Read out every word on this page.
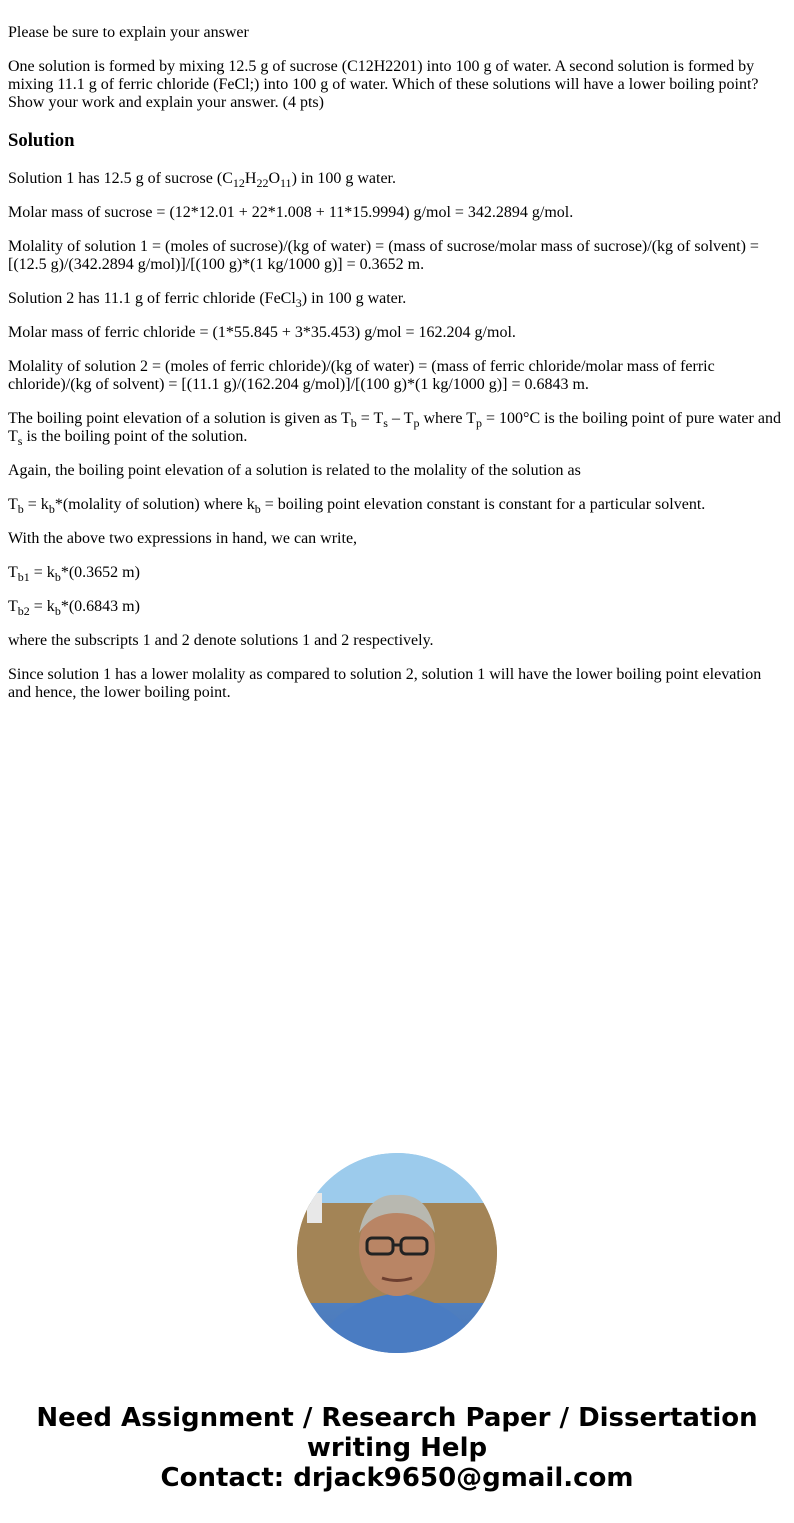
Please be sure to explain your answer

One solution is formed by mixing 12.5 g of sucrose (C12H2201) into 100 g of water. A second solution is formed by mixing 11.1 g of ferric chloride (FeCl;) into 100 g of water. Which of these solutions will have a lower boiling point? Show your work and explain your answer. (4 pts)

Solution

Solution 1 has 12.5 g of sucrose $(C_{12}H_{22}O_{11})$ in 100 g water.

Molar mass of sucrose = (12*12.01 + 22*1.008 + 11*15.9994) g/mol = 342.2894 g/mol.

Molality of solution 1 = (moles of sucrose)/(kg of water) = (mass of sucrose/molar mass of sucrose)/(kg of solvent) = [(12.5 g)/(342.2894 g/mol)]/[(100 g)*(1 kg/1000 g)] = 0.3652 m.

Solution 2 has 11.1 g of ferric chloride (FeCl$_3$) in 100 g water.

Molar mass of ferric chloride = (1*55.845 + 3*35.453) g/mol = 162.204 g/mol.

Molality of solution 2 = (moles of ferric chloride)/(kg of water) = (mass of ferric chloride/molar mass of ferric chloride)/(kg of solvent) = [(11.1 g)/(162.204 g/mol)]/[(100 g)*(1 kg/1000 g)] = 0.6843 m.

The boiling point elevation of a solution is given as $T_b = T_s - T_p$ where $T_p = 100^\circ C$ is the boiling point of pure water and $T_s$ is the boiling point of the solution.

Again, the boiling point elevation of a solution is related to the molality of the solution as

$T_b$ = $k_b*(molality$ of solution) where $k_b$ = boiling point elevation constant is constant for a particular solvent.

With the above two expressions in hand, we can write,

$T_{b1} = k_b*(0.3652$ m)

$T_{b2} = k_b*(0.6843$ m)

where the subscripts 1 and 2 denote solutions 1 and 2 respectively.

Since solution 1 has a lower molality as compared to solution 2, solution 1 will have the lower boiling point elevation and hence, the lower boiling point.

Need Assignment / Research Paper / Dissertation
writing Help
Contact: drjack9650@gmail.com
